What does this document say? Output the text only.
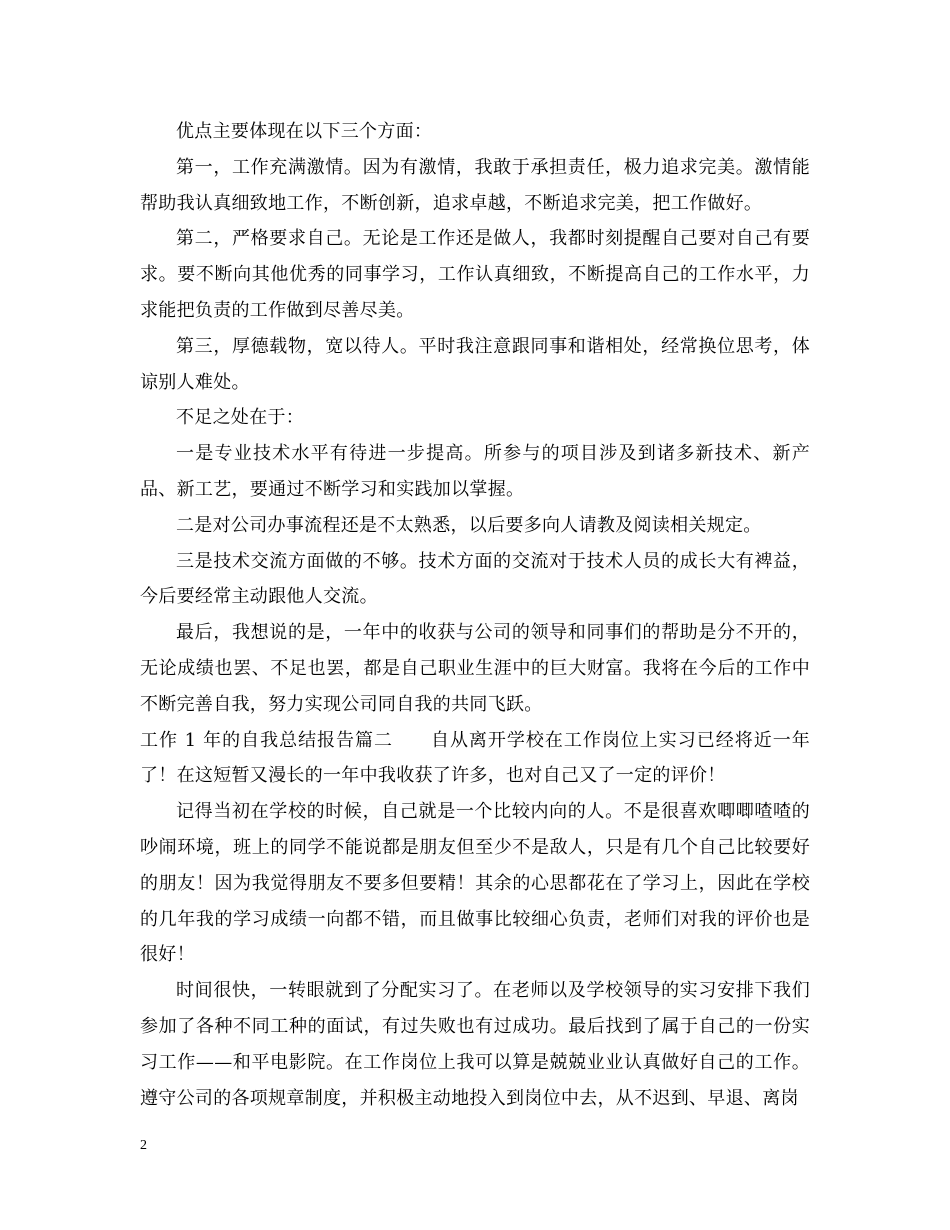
优点主要体现在以下三个方面：

第一，工作充满激情。因为有激情，我敢于承担责任，极力追求完美。激情能帮助我认真细致地工作，不断创新，追求卓越，不断追求完美，把工作做好。

第二，严格要求自己。无论是工作还是做人，我都时刻提醒自己要对自己有要求。要不断向其他优秀的同事学习，工作认真细致，不断提高自己的工作水平，力求能把负责的工作做到尽善尽美。

第三，厚德载物，宽以待人。平时我注意跟同事和谐相处，经常换位思考，体谅别人难处。

不足之处在于：

一是专业技术水平有待进一步提高。所参与的项目涉及到诸多新技术、新产品、新工艺，要通过不断学习和实践加以掌握。

二是对公司办事流程还是不太熟悉，以后要多向人请教及阅读相关规定。

三是技术交流方面做的不够。技术方面的交流对于技术人员的成长大有裨益，今后要经常主动跟他人交流。

最后，我想说的是，一年中的收获与公司的领导和同事们的帮助是分不开的，无论成绩也罢、不足也罢，都是自己职业生涯中的巨大财富。我将在今后的工作中不断完善自我，努力实现公司同自我的共同飞跃。

工作 1 年的自我总结报告篇二　　自从离开学校在工作岗位上实习已经将近一年了！在这短暂又漫长的一年中我收获了许多，也对自己又了一定的评价！

记得当初在学校的时候，自己就是一个比较内向的人。不是很喜欢唧唧喳喳的吵闹环境，班上的同学不能说都是朋友但至少不是敌人，只是有几个自己比较要好的朋友！因为我觉得朋友不要多但要精！其余的心思都花在了学习上，因此在学校的几年我的学习成绩一向都不错，而且做事比较细心负责，老师们对我的评价也是很好！

时间很快，一转眼就到了分配实习了。在老师以及学校领导的实习安排下我们参加了各种不同工种的面试，有过失败也有过成功。最后找到了属于自己的一份实习工作——和平电影院。在工作岗位上我可以算是兢兢业业认真做好自己的工作。遵守公司的各项规章制度，并积极主动地投入到岗位中去，从不迟到、早退、离岗

2
